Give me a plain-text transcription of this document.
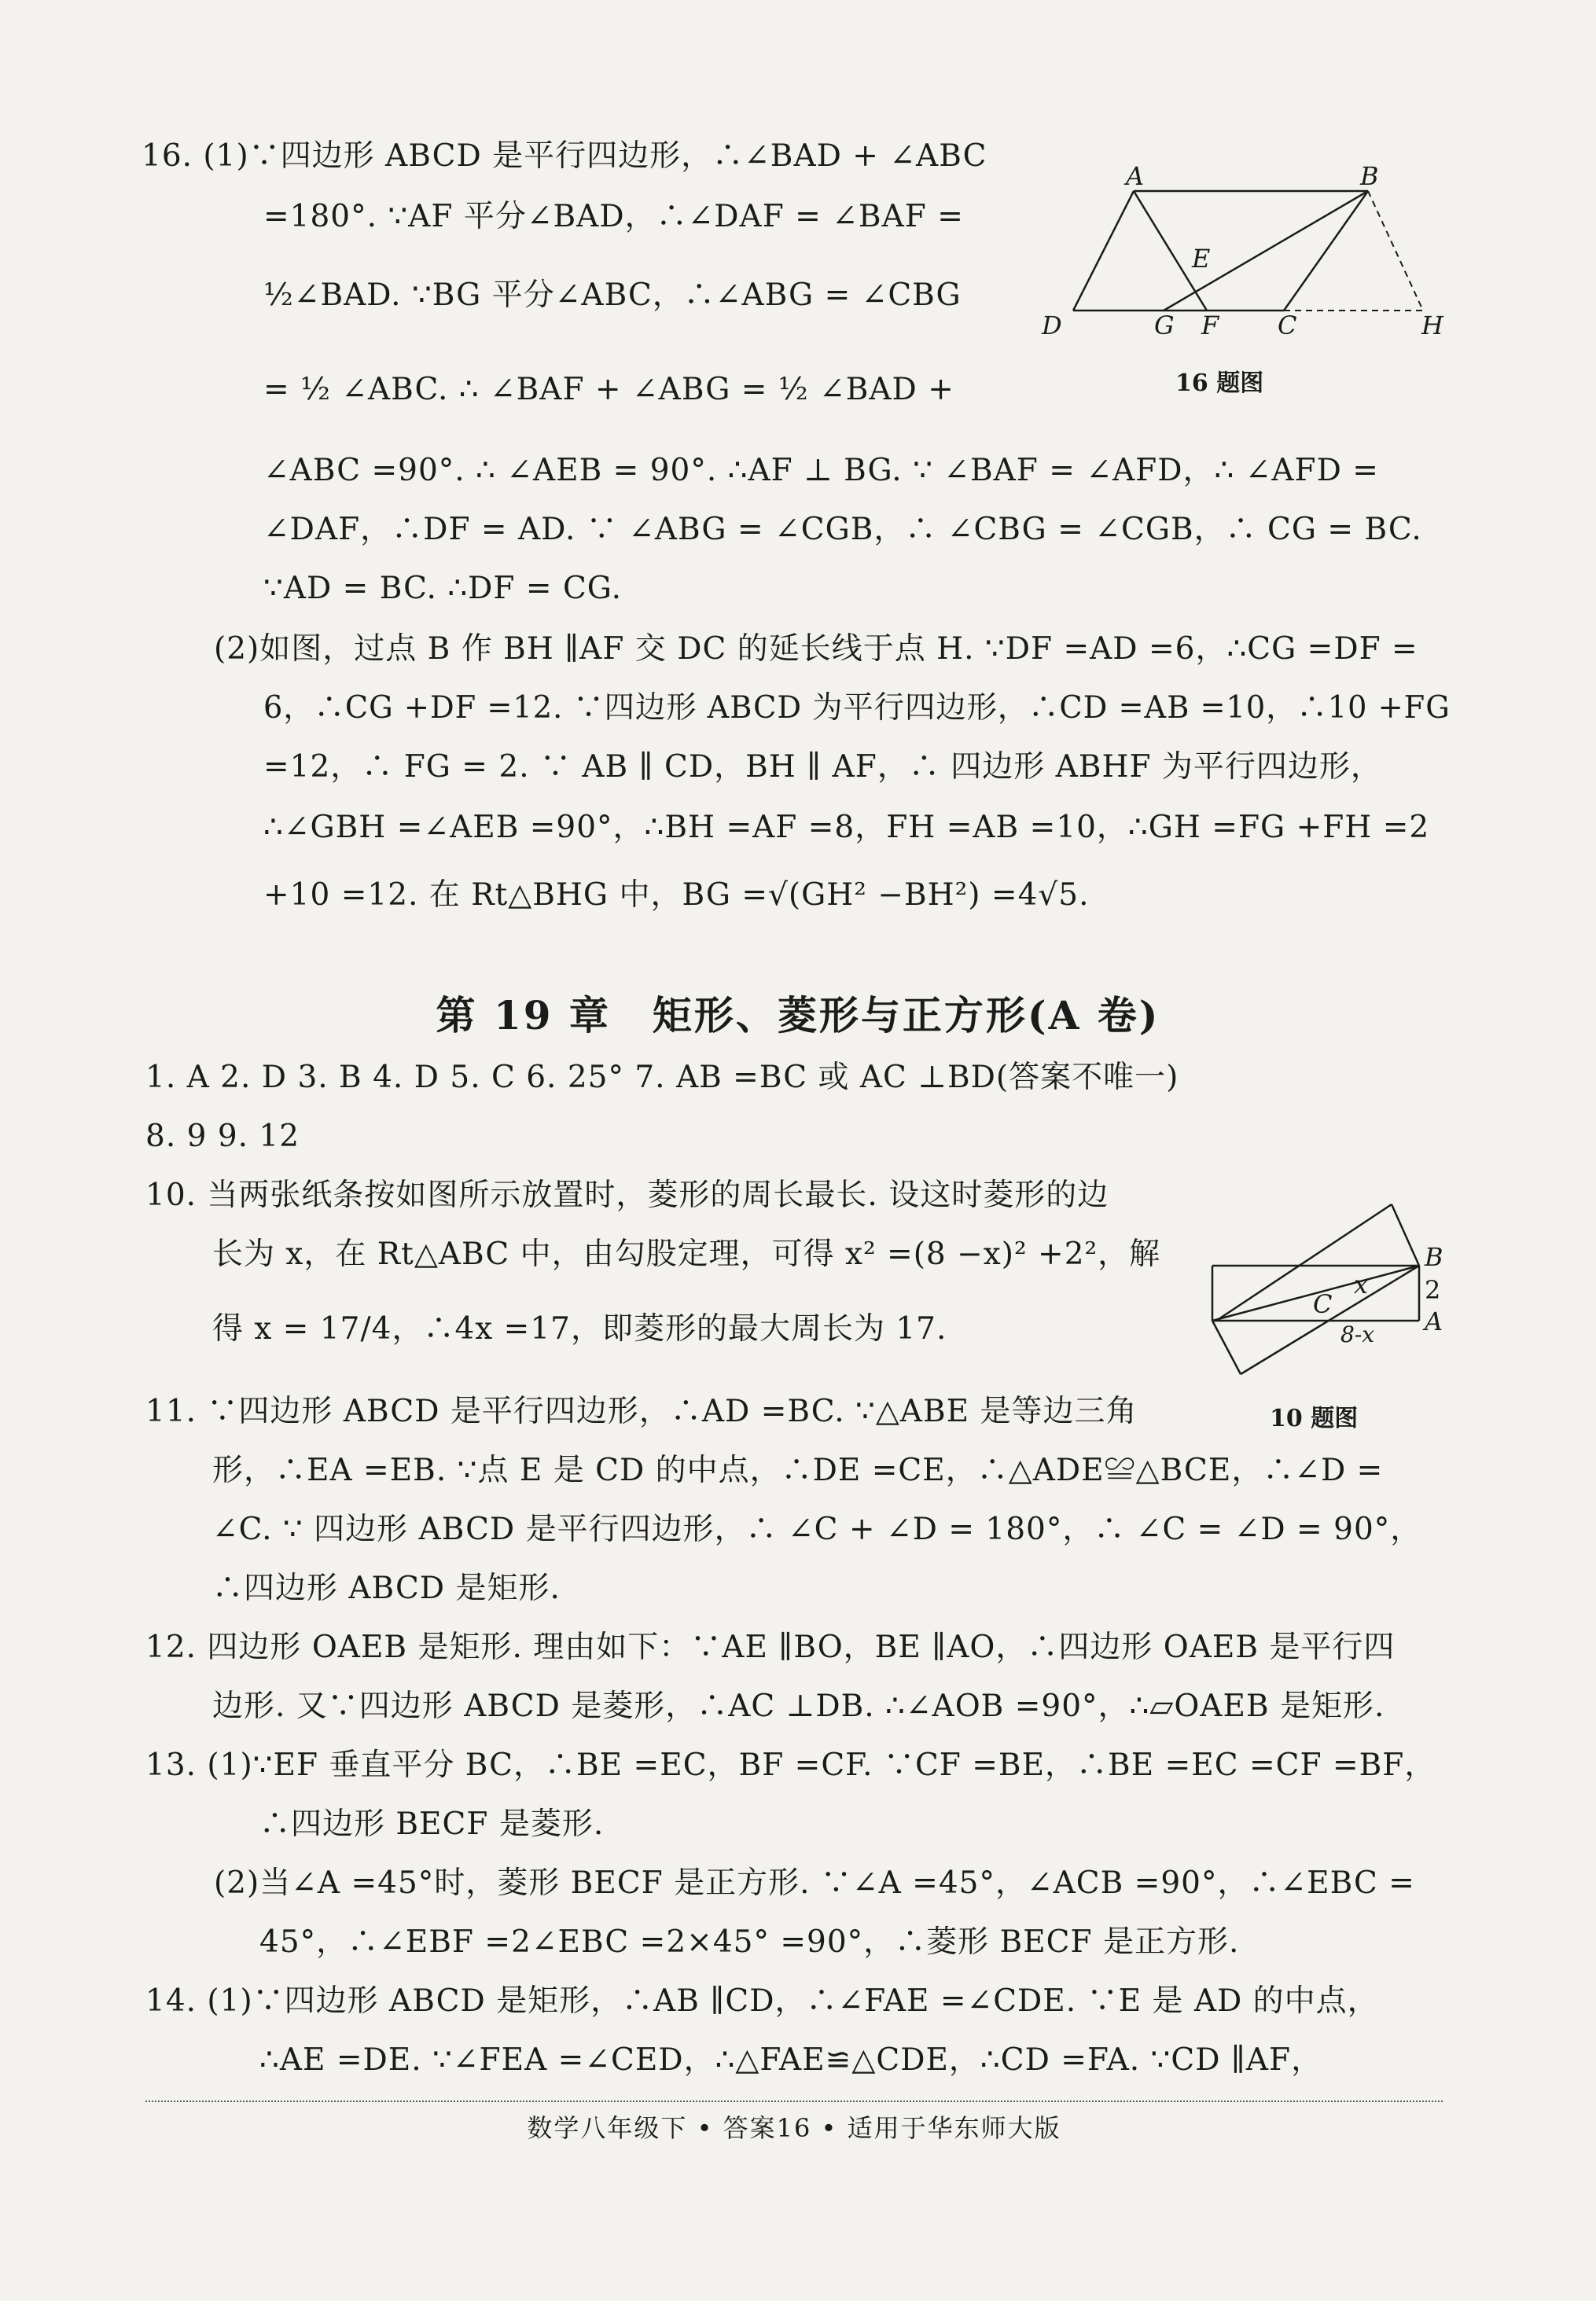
16. (1)∵四边形 ABCD 是平行四边形，∴∠BAD + ∠ABC
=180°. ∵AF 平分∠BAD，∴∠DAF = ∠BAF =
½∠BAD. ∵BG 平分∠ABC，∴∠ABG = ∠CBG
= ½ ∠ABC. ∴ ∠BAF + ∠ABG = ½ ∠BAD +
∠ABC =90°. ∴ ∠AEB = 90°. ∴AF ⊥ BG. ∵ ∠BAF = ∠AFD，∴ ∠AFD =
∠DAF，∴DF = AD. ∵ ∠ABG = ∠CGB，∴ ∠CBG = ∠CGB，∴ CG = BC.
∵AD = BC. ∴DF = CG.
(2)如图，过点 B 作 BH ∥AF 交 DC 的延长线于点 H. ∵DF =AD =6，∴CG =DF =
6，∴CG +DF =12. ∵四边形 ABCD 为平行四边形，∴CD =AB =10，∴10 +FG
=12，∴ FG = 2. ∵ AB ∥ CD，BH ∥ AF，∴ 四边形 ABHF 为平行四边形，
∴∠GBH =∠AEB =90°，∴BH =AF =8，FH =AB =10，∴GH =FG +FH =2
+10 =12. 在 Rt△BHG 中，BG =√(GH² −BH²) =4√5.
1. A 2. D 3. B 4. D 5. C 6. 25° 7. AB =BC 或 AC ⊥BD(答案不唯一)
8. 9 9. 12
10. 当两张纸条按如图所示放置时，菱形的周长最长. 设这时菱形的边
长为 x，在 Rt△ABC 中，由勾股定理，可得 x² =(8 −x)² +2²，解
得 x = 17/4，∴4x =17，即菱形的最大周长为 17.
11. ∵四边形 ABCD 是平行四边形，∴AD =BC. ∵△ABE 是等边三角
形，∴EA =EB. ∵点 E 是 CD 的中点，∴DE =CE，∴△ADE≌△BCE，∴∠D =
∠C. ∵ 四边形 ABCD 是平行四边形，∴ ∠C + ∠D = 180°，∴ ∠C = ∠D = 90°，
∴四边形 ABCD 是矩形.
12. 四边形 OAEB 是矩形. 理由如下：∵AE ∥BO，BE ∥AO，∴四边形 OAEB 是平行四
边形. 又∵四边形 ABCD 是菱形，∴AC ⊥DB. ∴∠AOB =90°，∴▱OAEB 是矩形.
13. (1)∵EF 垂直平分 BC，∴BE =EC，BF =CF. ∵CF =BE，∴BE =EC =CF =BF，
∴四边形 BECF 是菱形.
(2)当∠A =45°时，菱形 BECF 是正方形. ∵∠A =45°，∠ACB =90°，∴∠EBC =
45°，∴∠EBF =2∠EBC =2×45° =90°，∴菱形 BECF 是正方形.
14. (1)∵四边形 ABCD 是矩形，∴AB ∥CD，∴∠FAE =∠CDE. ∵E 是 AD 的中点，
∴AE =DE. ∵∠FEA =∠CED，∴△FAE≌△CDE，∴CD =FA. ∵CD ∥AF，
第 19 章　矩形、菱形与正方形(A 卷)
A	B
D	G F C	H
E
16 题图
B
C
A
x 2
8-x
10 题图
数学八年级下 • 答案16 • 适用于华东师大版
